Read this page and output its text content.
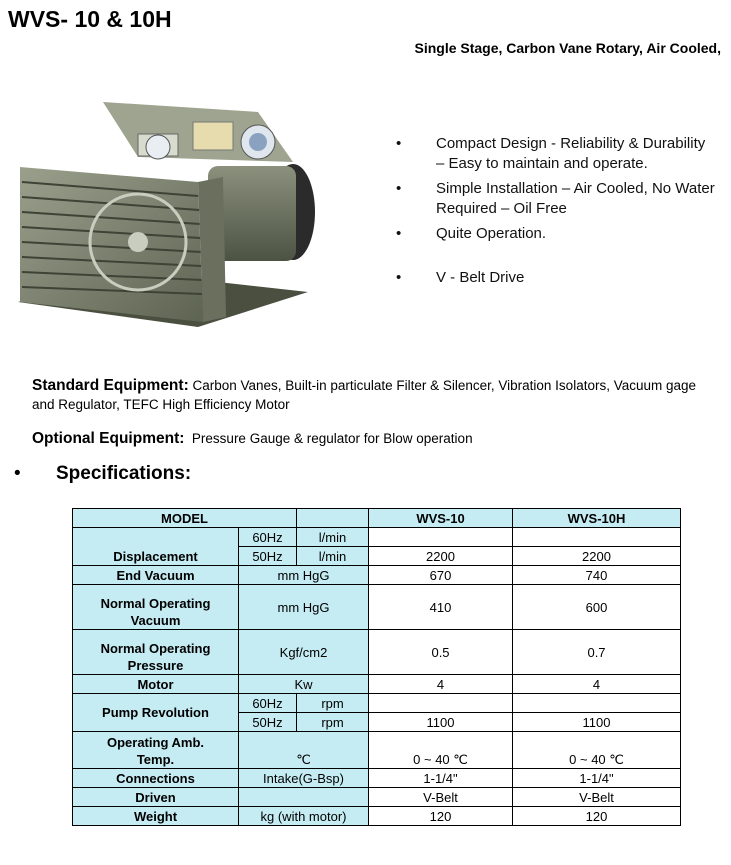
WVS- 10 & 10H
Single Stage, Carbon Vane Rotary, Air Cooled,
• Compact Design - Reliability & Durability – Easy to maintain and operate.
• Simple Installation – Air Cooled, No Water Required – Oil Free
• Quite Operation.
• V - Belt Drive
Standard Equipment: Carbon Vanes, Built-in particulate Filter & Silencer, Vibration Isolators, Vacuum gage and Regulator, TEFC High Efficiency Motor
Optional Equipment: Pressure Gauge & regulator for Blow operation
• Specifications:
MODEL			WVS-10	WVS-10H
Displacement	60Hz	l/min		
	50Hz	l/min	2200	2200
End Vacuum	mm HgG		670	740
Normal Operating
Vacuum	mm HgG		410	600
Normal Operating
Pressure	Kgf/cm2		0.5	0.7
Motor	Kw		4	4
Pump Revolution	60Hz	rpm		
	50Hz	rpm	1100	1100
Operating Amb.
Temp.	℃		0 ~ 40 ℃	0 ~ 40 ℃
Connections	Intake(G-Bsp)		1-1/4"	1-1/4"
Driven			V-Belt	V-Belt
Weight	kg (with motor)		120	120
